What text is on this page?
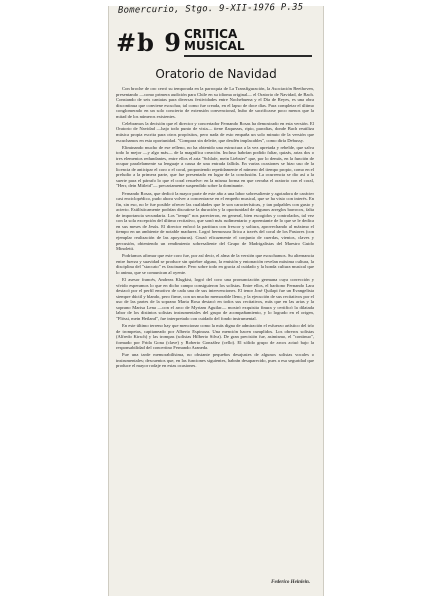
Bomercurio, Stgo. 9-XII-1976 P.35
#b 9 CRITICA
MUSICAL
Oratorio de Navidad

Con broche de oro cerró su temporada en la parroquia de La Transfiguración, la Asociación Beethoven, presentando —como primera audición para Chile en su idioma original— el Oratorio de Navidad, de Bach. Constando de seis cantatas para diversas festividades entre Nochebuena y el Día de Reyes, es una obra discontinua que conviene escuchar, tal como fue creada, en el lapso de doce días. Para completar el último conglomerado en un solo concierto de extensión convencional, hubo de sacrificarse poco menos que la mitad de los números existentes.

Celebramos la decisión que el director y concertador Fernando Rosas ha demostrado en esta versión. El Oratorio de Navidad —bajo todo punto de vista— tiene flaquezas, ripio, parodias, donde Bach reutiliza música propia escrita para otros propósitos, pero nada de esto empaña un solo minuto de la versión que escuchamos en esta oportunidad. "Compara sin deleite, que desdén implacables", como diría Debussy.

Eliminando mucho de ese relleno, no ha obtenido una estructura a la vez apretada y rebelde, que salva todo lo mejor —y algo más— de la magnífica creación. Incluso habrían podido faltar, quizás, arias dos o tres elementos redundantes, entre ellos el aria "Schlafe, mein Liebster" que, por lo demás, en la función de ocupar paralelamente su lenguaje a causa de una entrada fallida. En varias ocasiones se hizo uso de la licencia de anticipar el coro o el coral, proponiendo repetidamente el número del tiempo propio, como en el preludio a la primera parte, que fue presentado en lugar de la conclusión. La ocurrencia se dio así a la suerte para el párrafo lo que el coral resuelve: en la misma forma en que cerraba el oratorio con el coral, "Herr, dein Mitleid"— precariamente suspendido sobre la dominante.

Fernando Rosas, que dedicó la mayor parte de este año a una labor sobresaliente y agotadora de carácter casi enciclopédico, pudo ahora volver a concentrarse en el empeño musical, que se ha visto con interés. En fin, sin eso, no le fue posible ofrecer las cualidades que le son características, y tan palpables con gusto y acierto. Estilísticamente podrían discutirse la duración y la oportunidad de algunos arreglos barrocos, falta de importancia secundaria. Los "tempi" nos parecieron, en general, bien escogidos y controlados, tal vez con la sola excepción del último recitativo, que sonó más rudimentario y apremiante de lo que se le dedica en sus meses de Jesús. El director enfocó la partitura con frescor y soltura, aprovechando al máximo el tiempo en un ambiente de notable madurez. Logró hermosura lírica a través del coral de los Pastores (con ejemplar realización de las apoyaturas). Cruzó eficazmente el conjunto de cuerdas, vientos, claves y percusión, obteniendo un rendimiento sobresaliente del Grupo de Madrigalistas del Maestro Guido Minoletti.

Podríamos afirmar que este coro fue, por así decir, el alma de la versión que escuchamos. Su alternancia entre fuerza y suavidad se produce sin quiebre alguno, la emisión y entonación revelan máxima cultura, la disciplina del "staccato" es fascinante. Pero sobre todo en gracia al cuidado y la honda cultura musical que lo anima, que se comunican al oyente.

El asesor francés, Andreas Klugkist, logró del coro una pronunciación germana cuya corrección y vívido esperamos lo que en dicho campo consiguieron los solistas. Entre ellos, el barítono Fernando Lara destacó por el perfil emotivo de cada una de sus intervenciones. El tenor José Quilapi fue un Evangelista siempre dúctil y blando, pero firme, con un mucho memorable lleno, y la ejecución de sus recitativos por el uso de las partes de la soprano Marta Rosa destacó en todos sus recitativos, más que en las arias y la soprano Marisa Lena —con el arco de Myriam Aguilar— mostró exquisita finura y certificó la dilatada labor de los distintos solistas instrumentales del grupo de acompañamiento, y lo logrado en el origen, "Flösst, mein Heiland", fue interpretado con cuidado del fondo instrumental.

En este último terreno hay que mencionar como la más digna de admiración el esfuerzo artístico del trío de trompetas, capitaneado por Alberto Espinoza. Una mención hacen cumplidos. Los obreros solistas (Alfredo Kirsch) y las trompas (solistas Hilberto Silva). De gran precisión fue, asimismo, el "continuo", formado por Frida Gona (clave) y Roberto González (cello). El sólido grupo de arcos actuó bajo la responsabilidad del concertino Fernando Araneda.

Fue una tarde memorabilísima, no obstante pequeños desajustes de algunos solistas vocales o instrumentales; descuentos que, en las funciones siguientes, habrán desaparecido, pues a esa seguridad que produce el mayor rodaje en estas ocasiones.

Federico Heinlein.
